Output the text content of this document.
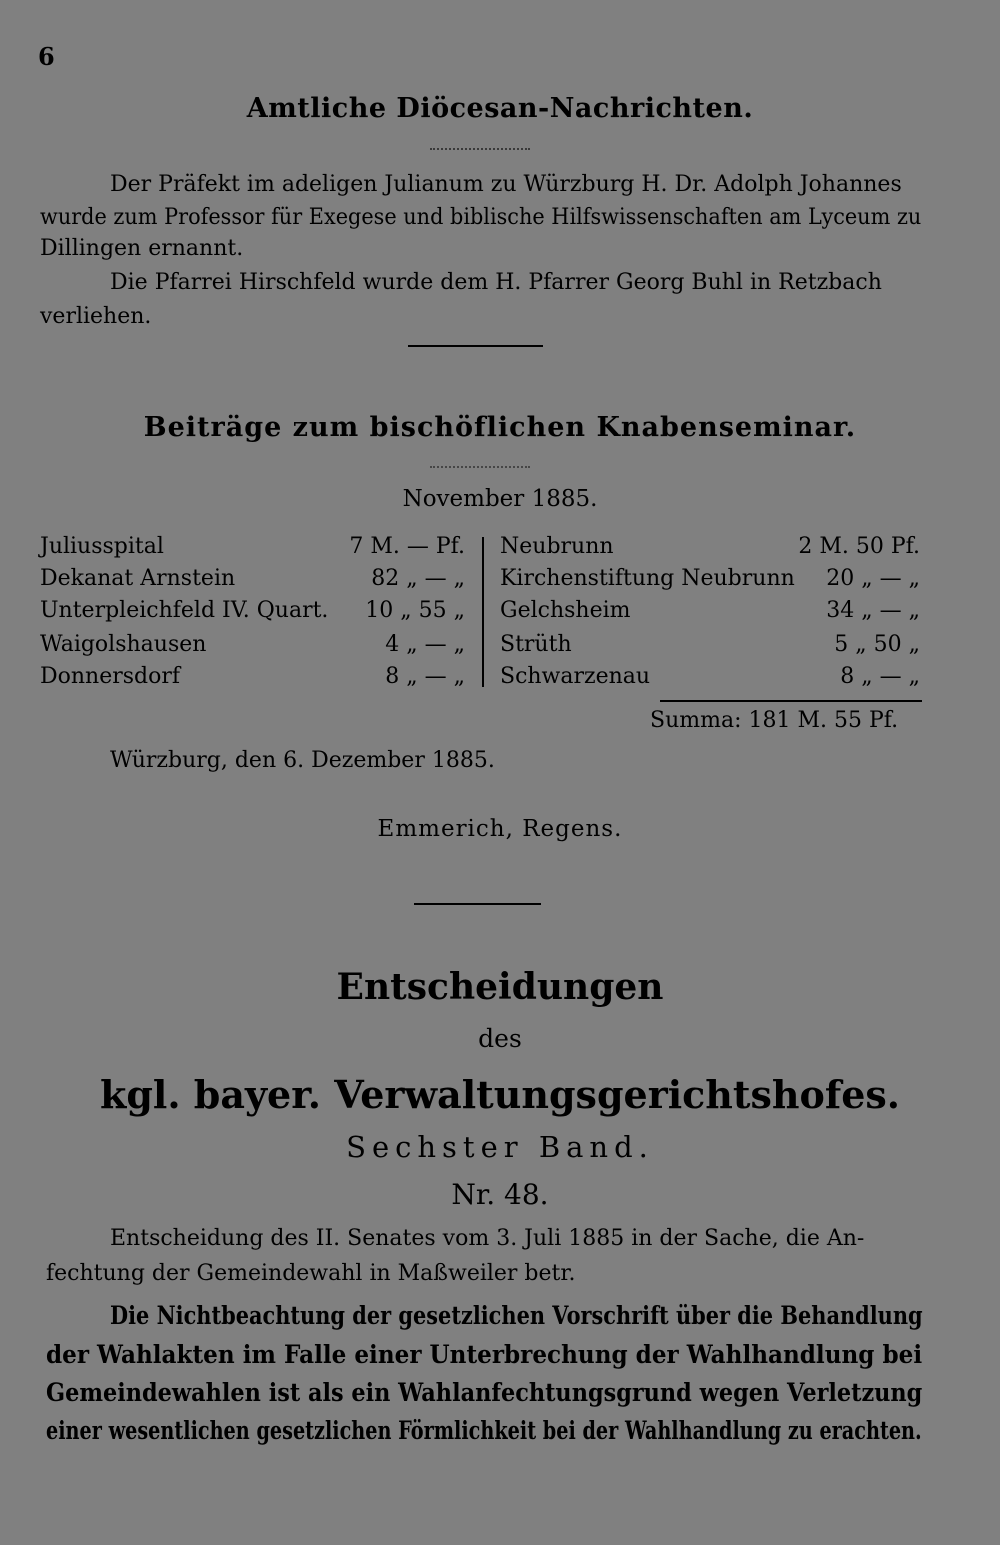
6
Amtliche Diöcesan-Nachrichten.
Der Präfekt im adeligen Julianum zu Würzburg H. Dr. Adolph Johannes
wurde zum Professor für Exegese und biblische Hilfswissenschaften am Lyceum zu
Dillingen ernannt.
Die Pfarrei Hirschfeld wurde dem H. Pfarrer Georg Buhl in Retzbach
verliehen.
Beiträge zum bischöflichen Knabenseminar.
November 1885.
Juliusspital	7 M. — Pf.
Dekanat Arnstein	82 „ — „
Unterpleichfeld IV. Quart.	10 „ 55 „
Waigolshausen	4 „ — „
Donnersdorf	8 „ — „
Neubrunn	2 M. 50 Pf.
Kirchenstiftung Neubrunn	20 „ — „
Gelchsheim	34 „ — „
Strüth	5 „ 50 „
Schwarzenau	8 „ — „
Summa: 181 M. 55 Pf.
Würzburg, den 6. Dezember 1885.
Emmerich, Regens.
Entscheidungen
des
kgl. bayer. Verwaltungsgerichtshofes.
Sechster Band.
Nr. 48.
Entscheidung des II. Senates vom 3. Juli 1885 in der Sache, die An-
fechtung der Gemeindewahl in Maßweiler betr.
Die Nichtbeachtung der gesetzlichen Vorschrift über die Behandlung
der Wahlakten im Falle einer Unterbrechung der Wahlhandlung bei
Gemeindewahlen ist als ein Wahlanfechtungsgrund wegen Verletzung
einer wesentlichen gesetzlichen Förmlichkeit bei der Wahlhandlung zu erachten.
